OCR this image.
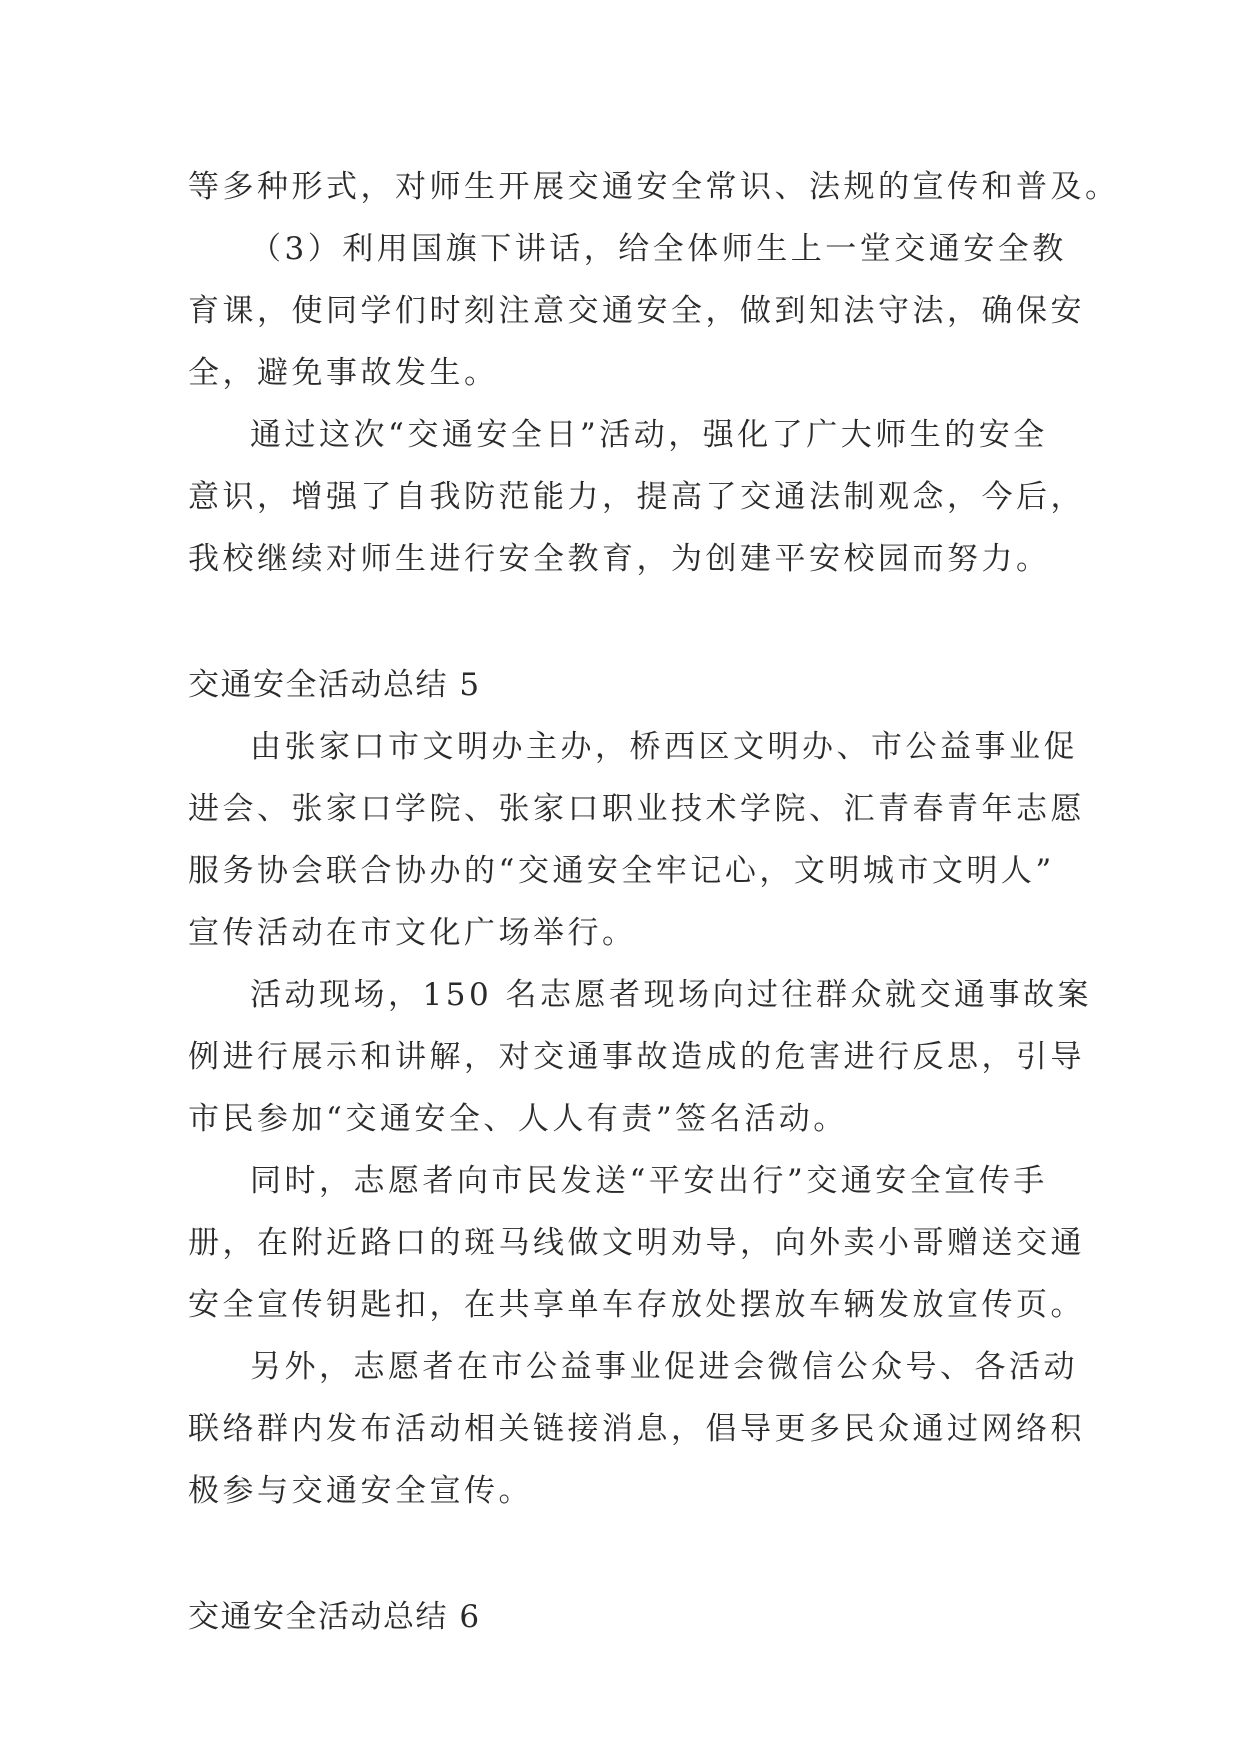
等多种形式，对师生开展交通安全常识、法规的宣传和普及。
（3）利用国旗下讲话，给全体师生上一堂交通安全教
育课，使同学们时刻注意交通安全，做到知法守法，确保安
全，避免事故发生。
通过这次“交通安全日”活动，强化了广大师生的安全
意识，增强了自我防范能力，提高了交通法制观念，今后，
我校继续对师生进行安全教育，为创建平安校园而努力。
交通安全活动总结 5
由张家口市文明办主办，桥西区文明办、市公益事业促
进会、张家口学院、张家口职业技术学院、汇青春青年志愿
服务协会联合协办的“交通安全牢记心，文明城市文明人”
宣传活动在市文化广场举行。
活动现场，150 名志愿者现场向过往群众就交通事故案
例进行展示和讲解，对交通事故造成的危害进行反思，引导
市民参加“交通安全、人人有责”签名活动。
同时，志愿者向市民发送“平安出行”交通安全宣传手
册，在附近路口的斑马线做文明劝导，向外卖小哥赠送交通
安全宣传钥匙扣，在共享单车存放处摆放车辆发放宣传页。
另外，志愿者在市公益事业促进会微信公众号、各活动
联络群内发布活动相关链接消息，倡导更多民众通过网络积
极参与交通安全宣传。
交通安全活动总结 6
